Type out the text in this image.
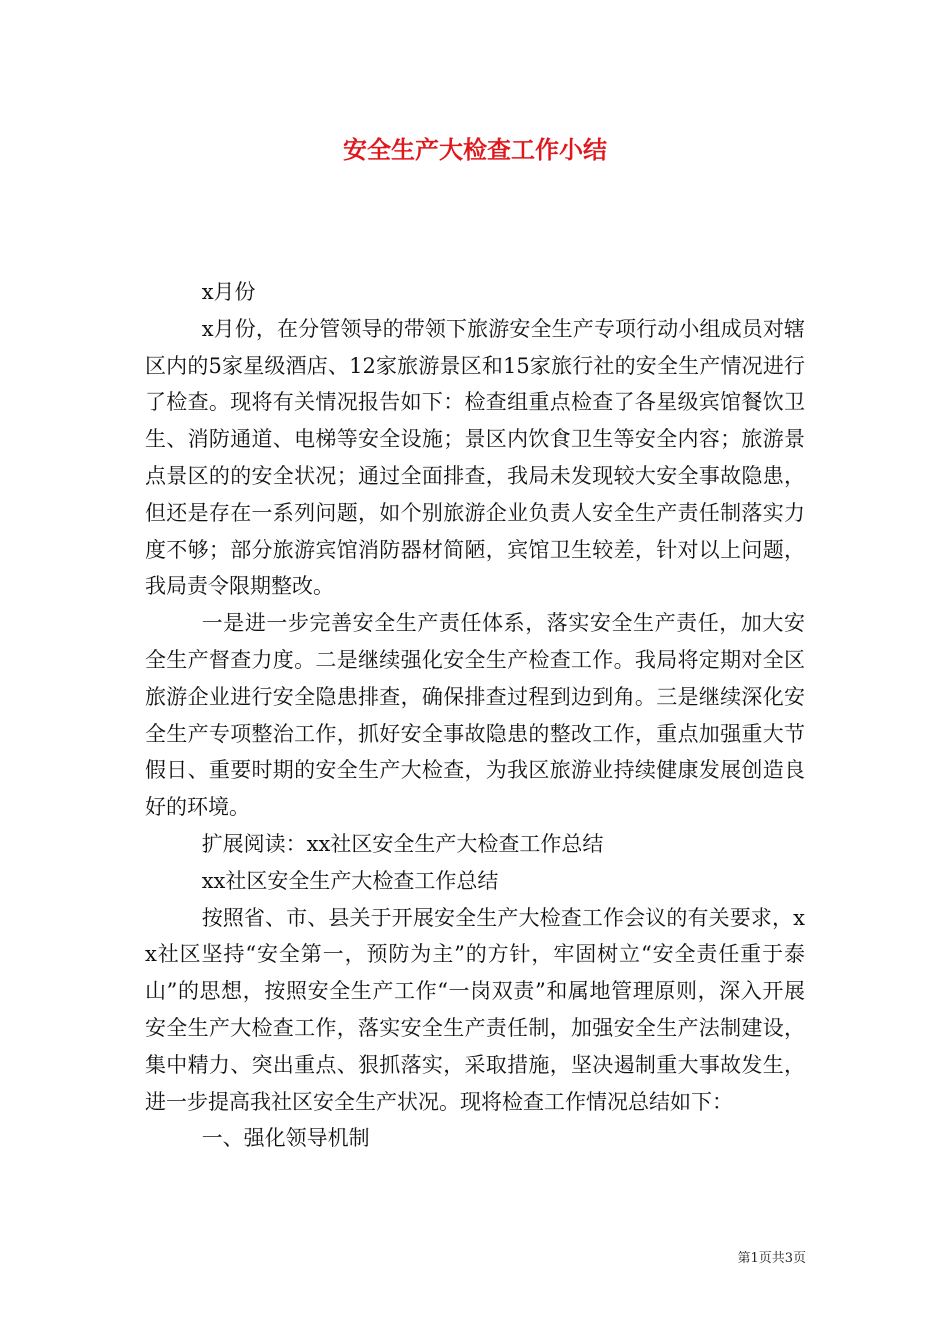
安全生产大检查工作小结

x月份

x月份，在分管领导的带领下旅游安全生产专项行动小组成员对辖区内的5家星级酒店、12家旅游景区和15家旅行社的安全生产情况进行了检查。现将有关情况报告如下：检查组重点检查了各星级宾馆餐饮卫生、消防通道、电梯等安全设施；景区内饮食卫生等安全内容；旅游景点景区的的安全状况；通过全面排查，我局未发现较大安全事故隐患，但还是存在一系列问题，如个别旅游企业负责人安全生产责任制落实力度不够；部分旅游宾馆消防器材简陋，宾馆卫生较差，针对以上问题，我局责令限期整改。

一是进一步完善安全生产责任体系，落实安全生产责任，加大安全生产督查力度。二是继续强化安全生产检查工作。我局将定期对全区旅游企业进行安全隐患排查，确保排查过程到边到角。三是继续深化安全生产专项整治工作，抓好安全事故隐患的整改工作，重点加强重大节假日、重要时期的安全生产大检查，为我区旅游业持续健康发展创造良好的环境。

扩展阅读：xx社区安全生产大检查工作总结

xx社区安全生产大检查工作总结

按照省、市、县关于开展安全生产大检查工作会议的有关要求，xx社区坚持“安全第一，预防为主”的方针，牢固树立“安全责任重于泰山”的思想，按照安全生产工作“一岗双责”和属地管理原则，深入开展安全生产大检查工作，落实安全生产责任制，加强安全生产法制建设，集中精力、突出重点、狠抓落实，采取措施，坚决遏制重大事故发生，进一步提高我社区安全生产状况。现将检查工作情况总结如下：

一、强化领导机制

第1页共3页
